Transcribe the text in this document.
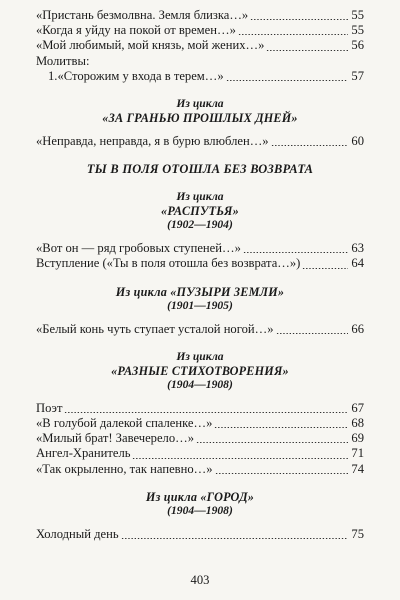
«Пристань безмолвна. Земля близка…»	55
«Когда я уйду на покой от времен…»	55
«Мой любимый, мой князь, мой жених…»	56
Молитвы:
1.«Сторожим у входа в терем…»	57
Из цикла
«ЗА ГРАНЬЮ ПРОШЛЫХ ДНЕЙ»
«Неправда, неправда, я в бурю влюблен…»	60
ТЫ В ПОЛЯ ОТОШЛА БЕЗ ВОЗВРАТА
Из цикла
«РАСПУТЬЯ»
(1902—1904)
«Вот он — ряд гробовых ступеней…»	63
Вступление («Ты в поля отошла без возврата…»)	64
Из цикла «ПУЗЫРИ ЗЕМЛИ»
(1901—1905)
«Белый конь чуть ступает усталой ногой…»	66
Из цикла
«РАЗНЫЕ СТИХОТВОРЕНИЯ»
(1904—1908)
Поэт	67
«В голубой далекой спаленке…»	68
«Милый брат! Завечерело…»	69
Ангел-Хранитель	71
«Так окрыленно, так напевно…»	74
Из цикла «ГОРОД»
(1904—1908)
Холодный день	75
403
